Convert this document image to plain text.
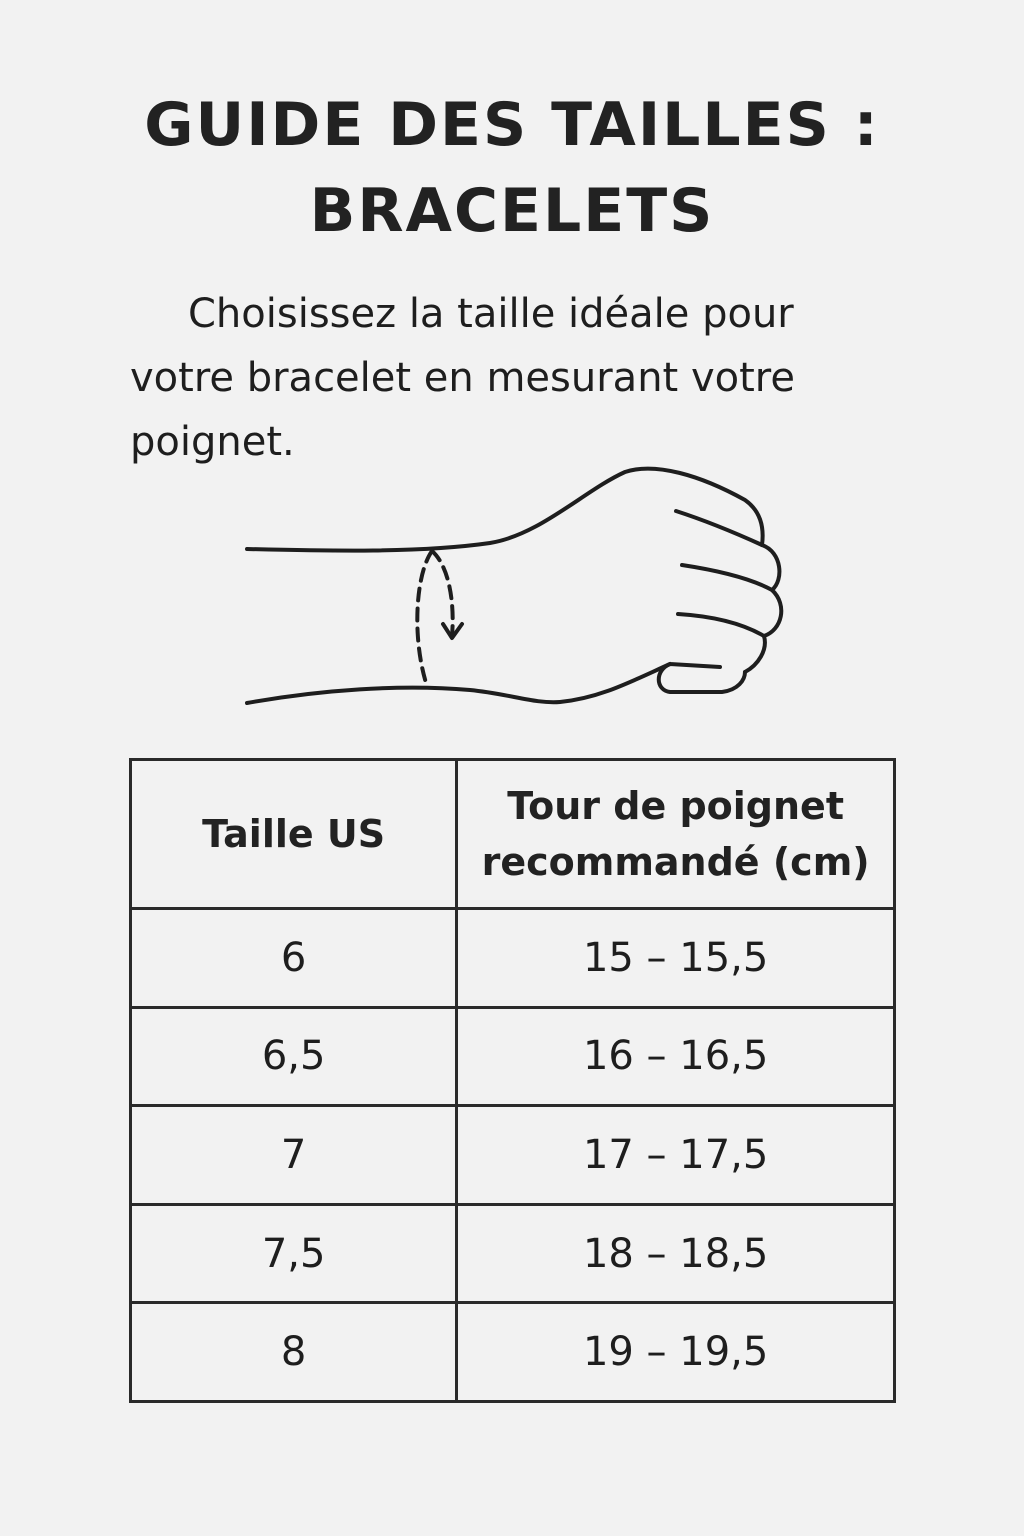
GUIDE DES TAILLES :
BRACELETS

Choisissez la taille idéale pour votre bracelet en mesurant votre poignet.

Taille US	Tour de poignet recommandé (cm)
6	15 – 15,5
6,5	16 – 16,5
7	17 – 17,5
7,5	18 – 18,5
8	19 – 19,5
